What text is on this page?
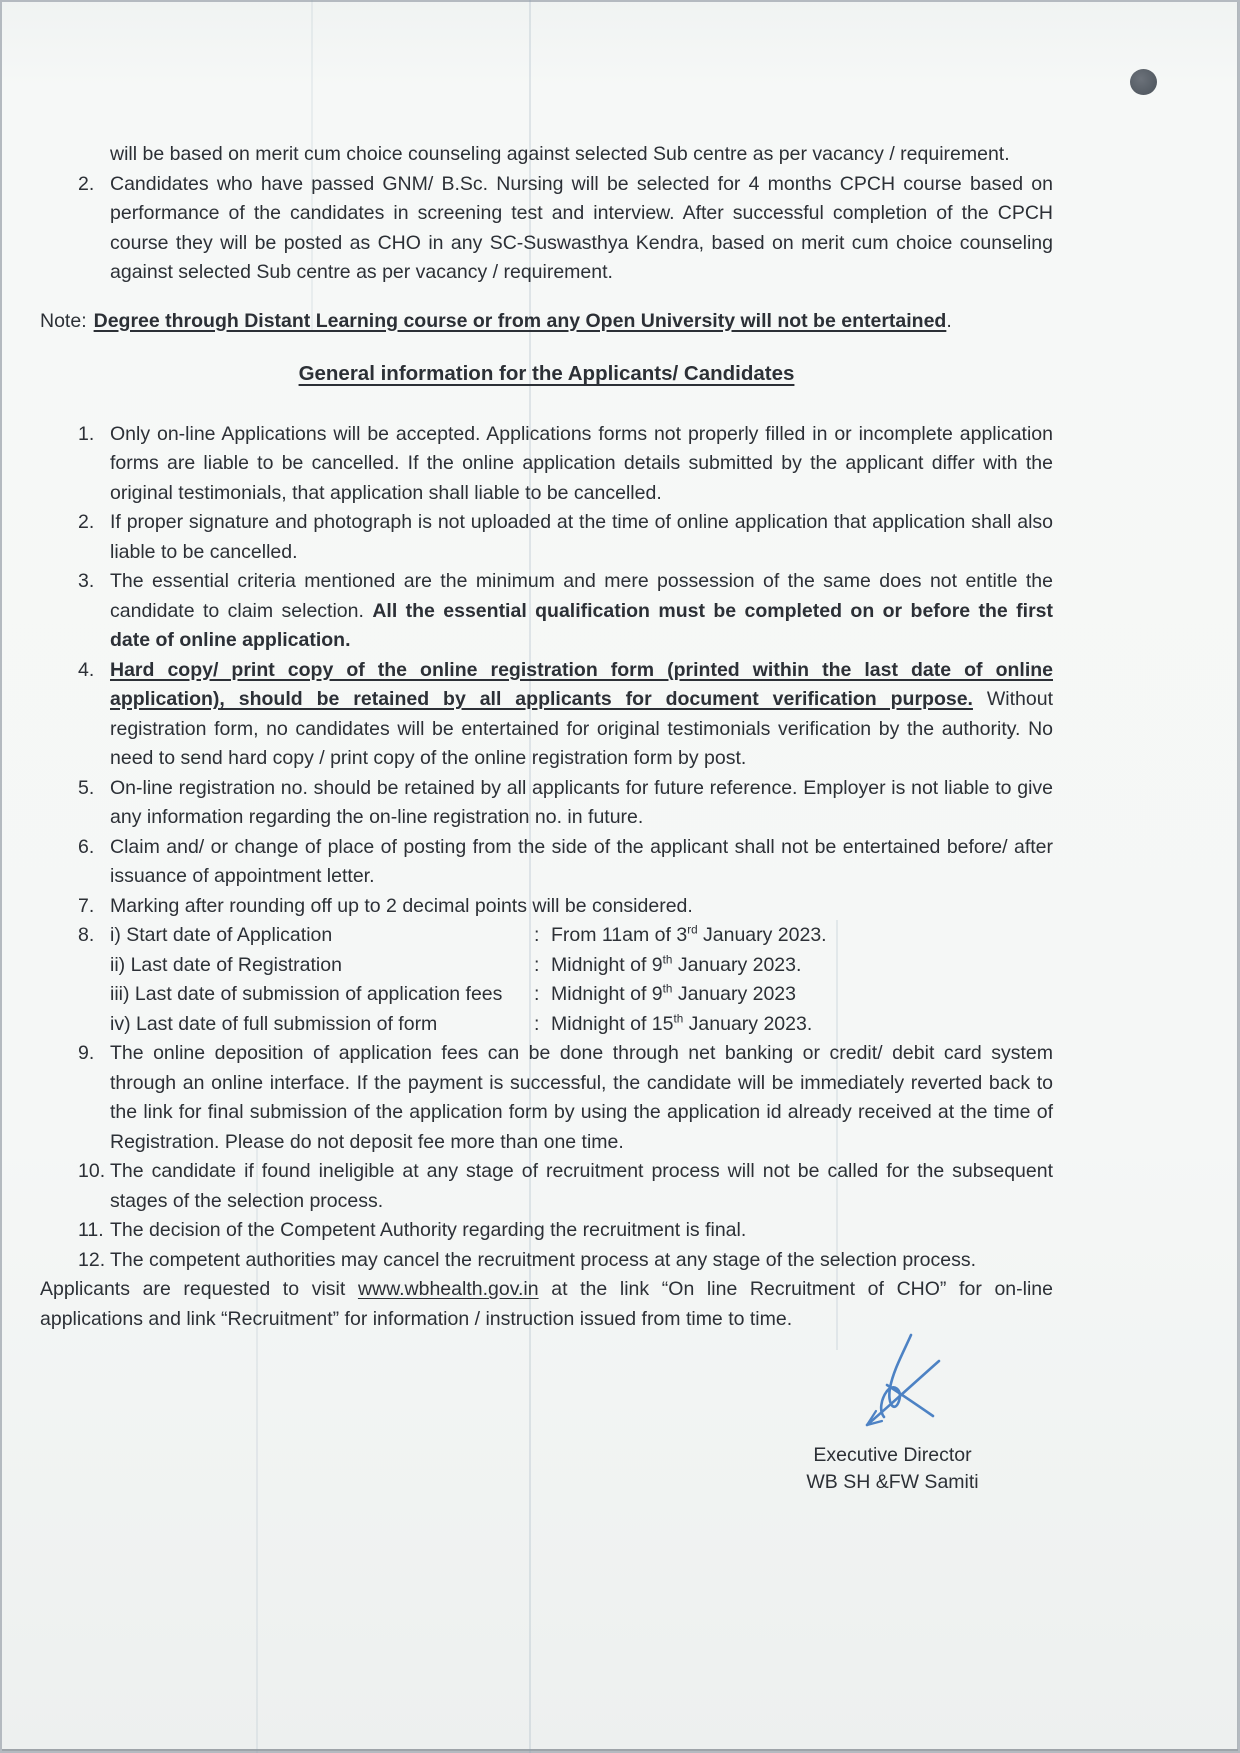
will be based on merit cum choice counseling against selected Sub centre as per vacancy / requirement.

2. Candidates who have passed GNM/ B.Sc. Nursing will be selected for 4 months CPCH course based on performance of the candidates in screening test and interview. After successful completion of the CPCH course they will be posted as CHO in any SC-Suswasthya Kendra, based on merit cum choice counseling against selected Sub centre as per vacancy / requirement.

Note: Degree through Distant Learning course or from any Open University will not be entertained.

General information for the Applicants/ Candidates
1. Only on-line Applications will be accepted. Applications forms not properly filled in or incomplete application forms are liable to be cancelled. If the online application details submitted by the applicant differ with the original testimonials, that application shall liable to be cancelled.
2. If proper signature and photograph is not uploaded at the time of online application that application shall also liable to be cancelled.
3. The essential criteria mentioned are the minimum and mere possession of the same does not entitle the candidate to claim selection. All the essential qualification must be completed on or before the first date of online application.
4. Hard copy/ print copy of the online registration form (printed within the last date of online application), should be retained by all applicants for document verification purpose. Without registration form, no candidates will be entertained for original testimonials verification by the authority. No need to send hard copy / print copy of the online registration form by post.
5. On-line registration no. should be retained by all applicants for future reference. Employer is not liable to give any information regarding the on-line registration no. in future.
6. Claim and/ or change of place of posting from the side of the applicant shall not be entertained before/ after issuance of appointment letter.
7. Marking after rounding off up to 2 decimal points will be considered.
8. i) Start date of Application	: From 11am of 3rd January 2023.
ii) Last date of Registration	: Midnight of 9th January 2023.
iii) Last date of submission of application fees	: Midnight of 9th January 2023
iv) Last date of full submission of form	: Midnight of 15th January 2023.
9. The online deposition of application fees can be done through net banking or credit/ debit card system through an online interface. If the payment is successful, the candidate will be immediately reverted back to the link for final submission of the application form by using the application id already received at the time of Registration. Please do not deposit fee more than one time.
10. The candidate if found ineligible at any stage of recruitment process will not be called for the subsequent stages of the selection process.
11. The decision of the Competent Authority regarding the recruitment is final.
12. The competent authorities may cancel the recruitment process at any stage of the selection process.

Applicants are requested to visit www.wbhealth.gov.in at the link “On line Recruitment of CHO” for on-line applications and link “Recruitment” for information / instruction issued from time to time.

Executive Director
WB SH &FW Samiti
